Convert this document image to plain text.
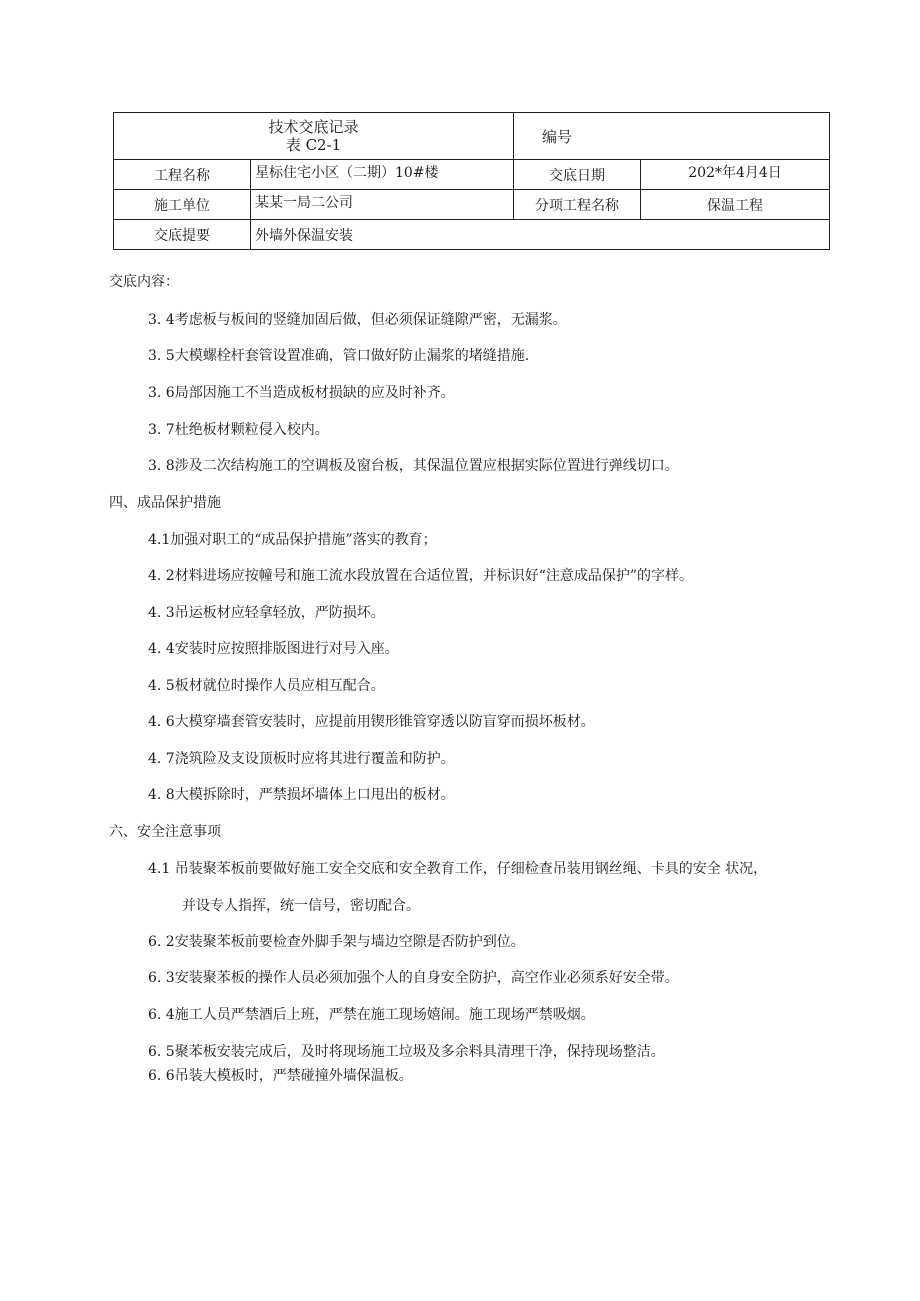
技术交底记录
表 C2-1		编号	
工程名称	星标住宅小区（二期）10#楼	交底日期	202*年4月4日
施工单位	某某一局二公司	分项工程名称	保温工程
交底提要	外墙外保温安装		
交底内容：
3. 4考虑板与板间的竖缝加固后做，但必须保证缝隙严密，无漏浆。
3. 5大模螺栓杆套管设置准确，管口做好防止漏浆的堵缝措施.
3. 6局部因施工不当造成板材损缺的应及时补齐。
3. 7杜绝板材颗粒侵入校内。
3. 8涉及二次结构施工的空调板及窗台板，其保温位置应根据实际位置进行弹线切口。
四、成品保护措施
4.1加强对职工的“成品保护措施”落实的教育；
4. 2材料进场应按幢号和施工流水段放置在合适位置，并标识好“注意成品保护”的字样。
4. 3吊运板材应轻拿轻放，严防损坏。
4. 4安装时应按照排版图进行对号入座。
4. 5板材就位时操作人员应相互配合。
4. 6大模穿墙套管安装时，应提前用锲形锥管穿透以防盲穿而损坏板材。
4. 7浇筑险及支设顶板时应将其进行覆盖和防护。
4. 8大模拆除时，严禁损坏墙体上口甩出的板材。
六、安全注意事项
4.1 吊装聚苯板前要做好施工安全交底和安全教育工作，仔细检查吊装用钢丝绳、卡具的安全 状况，
并设专人指挥，统一信号，密切配合。
6. 2安装聚苯板前要检查外脚手架与墙边空隙是否防护到位。
6. 3安装聚苯板的操作人员必须加强个人的自身安全防护，高空作业必须系好安全带。
6. 4施工人员严禁酒后上班，严禁在施工现场嬉闹。施工现场严禁吸烟。
6. 5聚苯板安装完成后，及时将现场施工垃圾及多余料具清理干净，保持现场整洁。
6. 6吊装大模板时，严禁碰撞外墙保温板。
